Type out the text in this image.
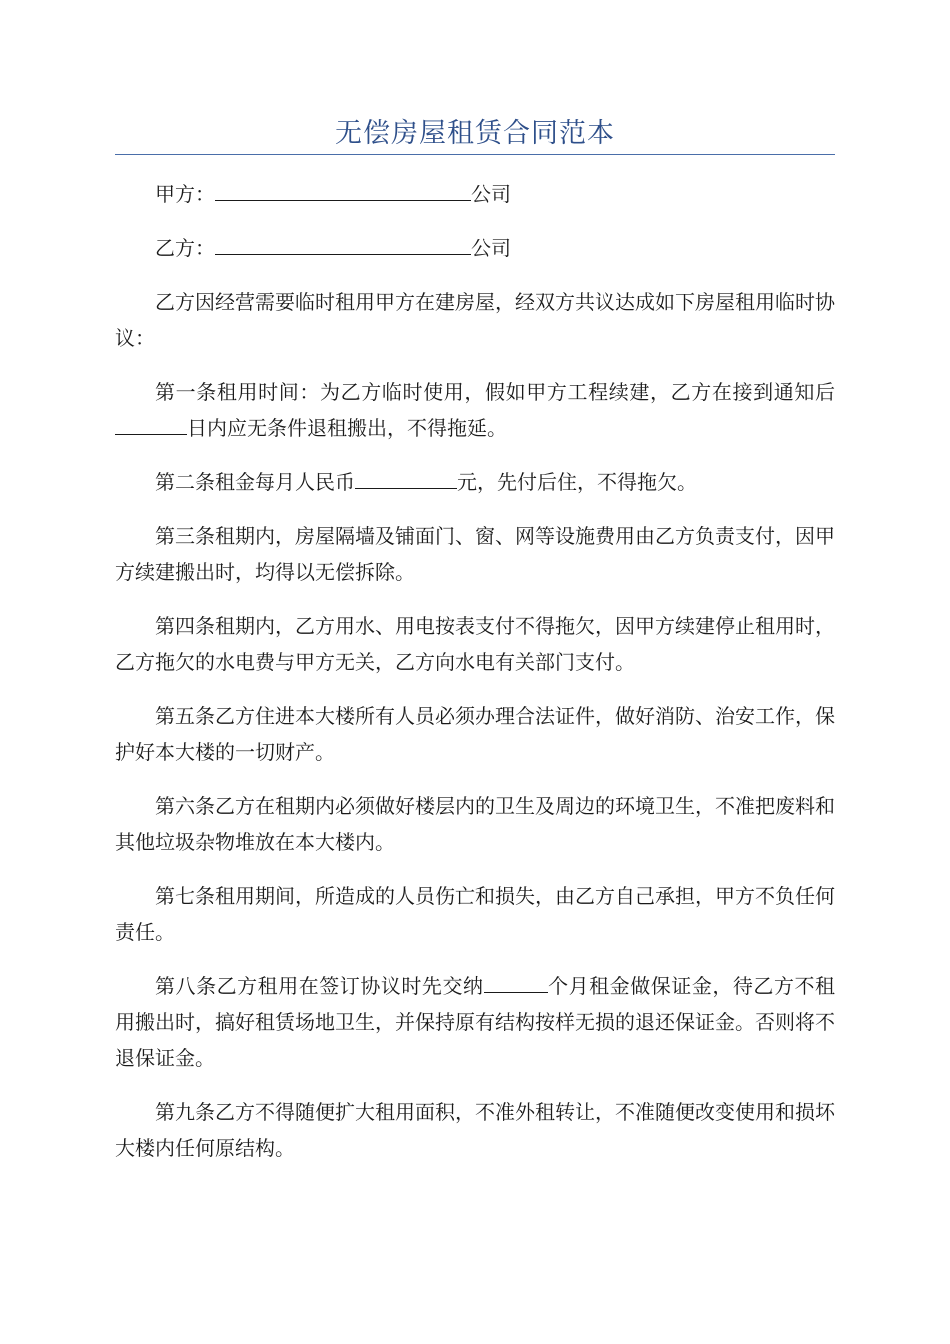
无偿房屋租赁合同范本

甲方：	公司

乙方：	公司

乙方因经营需要临时租用甲方在建房屋，经双方共议达成如下房屋租用临时协议：

第一条租用时间：为乙方临时使用，假如甲方工程续建，乙方在接到通知后日内应无条件退租搬出，不得拖延。

第二条租金每月人民币	元，先付后住，不得拖欠。

第三条租期内，房屋隔墙及铺面门、窗、网等设施费用由乙方负责支付，因甲方续建搬出时，均得以无偿拆除。

第四条租期内，乙方用水、用电按表支付不得拖欠，因甲方续建停止租用时，乙方拖欠的水电费与甲方无关，乙方向水电有关部门支付。

第五条乙方住进本大楼所有人员必须办理合法证件，做好消防、治安工作，保护好本大楼的一切财产。

第六条乙方在租期内必须做好楼层内的卫生及周边的环境卫生，不准把废料和其他垃圾杂物堆放在本大楼内。

第七条租用期间，所造成的人员伤亡和损失，由乙方自己承担，甲方不负任何责任。

第八条乙方租用在签订协议时先交纳	个月租金做保证金，待乙方不租用搬出时，搞好租赁场地卫生，并保持原有结构按样无损的退还保证金。否则将不退保证金。

第九条乙方不得随便扩大租用面积，不准外租转让，不准随便改变使用和损坏大楼内任何原结构。
